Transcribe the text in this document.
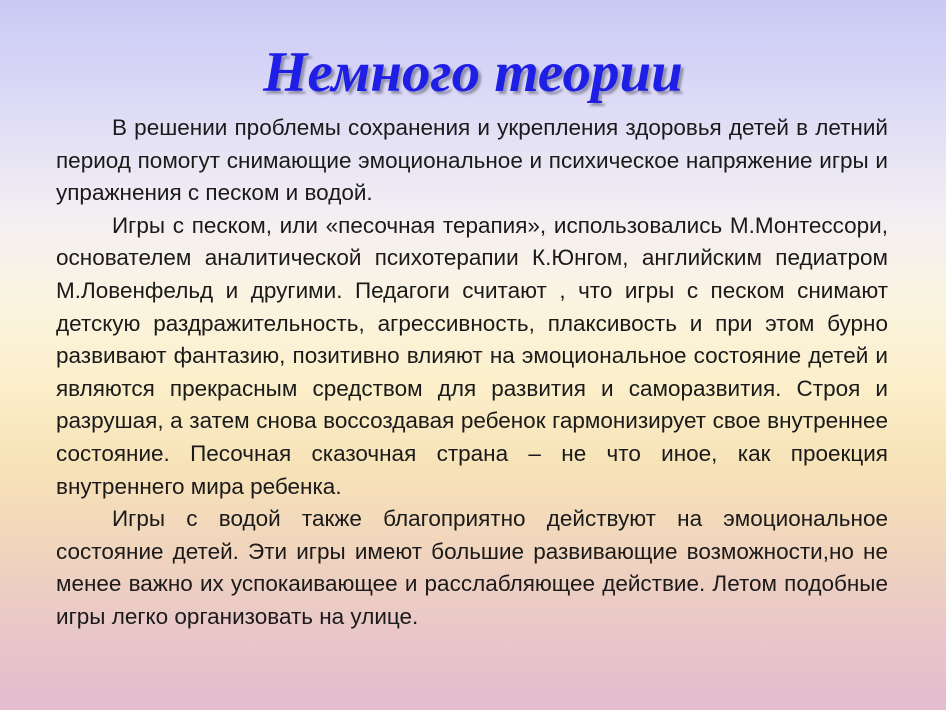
Немного теории

В решении проблемы сохранения и укрепления здоровья детей в летний период помогут снимающие эмоциональное и психическое напряжение игры и упражнения с песком и водой.

Игры с песком, или «песочная терапия», использовались М.Монтессори, основателем аналитической психотерапии К.Юнгом, английским педиатром М.Ловенфельд и другими. Педагоги считают , что игры с песком снимают детскую раздражительность, агрессивность, плаксивость и при этом бурно развивают фантазию, позитивно влияют на эмоциональное состояние детей и являются прекрасным средством для развития и саморазвития. Строя и разрушая, а затем снова воссоздавая ребенок гармонизирует свое внутреннее состояние. Песочная сказочная страна – не что иное, как проекция внутреннего мира ребенка.

Игры с водой также благоприятно действуют на эмоциональное состояние детей. Эти игры имеют большие развивающие возможности,но не менее важно их успокаивающее и расслабляющее действие. Летом подобные игры легко организовать на улице.
